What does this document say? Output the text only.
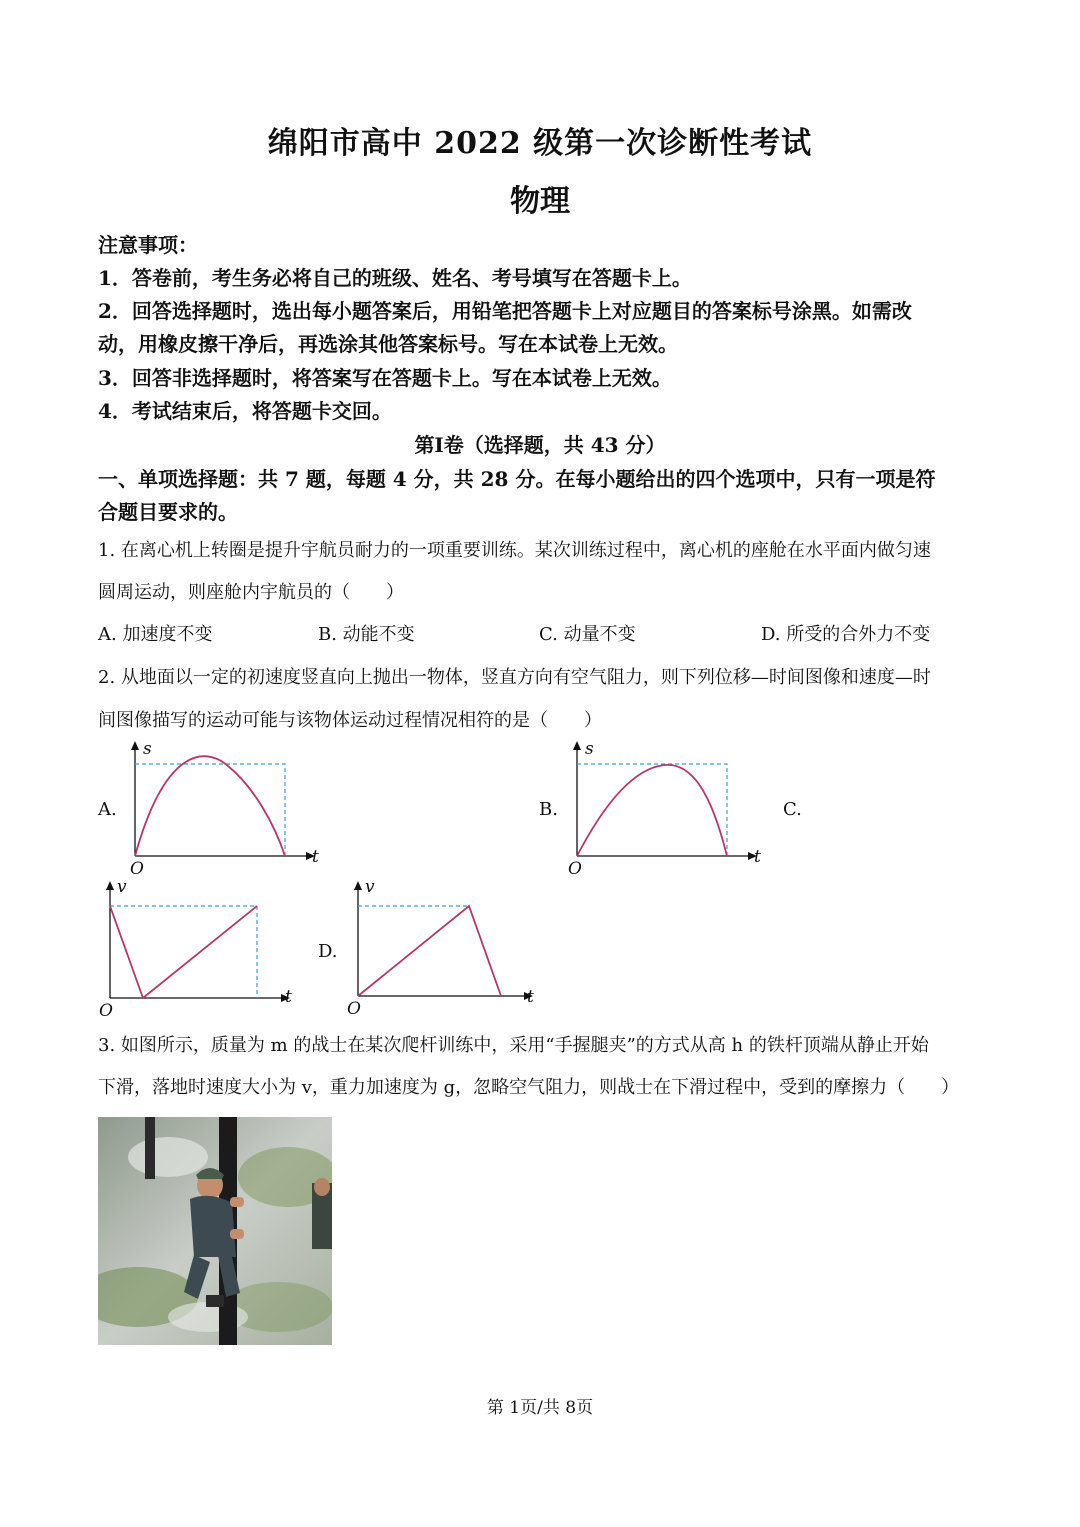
绵阳市高中 2022 级第一次诊断性考试
物理
注意事项：
1．答卷前，考生务必将自己的班级、姓名、考号填写在答题卡上。
2．回答选择题时，选出每小题答案后，用铅笔把答题卡上对应题目的答案标号涂黑。如需改
动，用橡皮擦干净后，再选涂其他答案标号。写在本试卷上无效。
3．回答非选择题时，将答案写在答题卡上。写在本试卷上无效。
4．考试结束后，将答题卡交回。
第Ⅰ卷（选择题，共 43 分）
一、单项选择题：共 7 题，每题 4 分，共 28 分。在每小题给出的四个选项中，只有一项是符
合题目要求的。
1. 在离心机上转圈是提升宇航员耐力的一项重要训练。某次训练过程中，离心机的座舱在水平面内做匀速
圆周运动，则座舱内宇航员的（　　）
A. 加速度不变	B. 动能不变	C. 动量不变	D. 所受的合外力不变
2. 从地面以一定的初速度竖直向上抛出一物体，竖直方向有空气阻力，则下列位移—时间图像和速度—时
间图像描写的运动可能与该物体运动过程情况相符的是（　　）
A.	B.	C.
D.
s
t
O
s
t
O
v
t
O
v
t
O
3. 如图所示，质量为 m 的战士在某次爬杆训练中，采用“手握腿夹”的方式从高 h 的铁杆顶端从静止开始
下滑，落地时速度大小为 v，重力加速度为 g，忽略空气阻力，则战士在下滑过程中，受到的摩擦力（　　）
第 1页/共 8页
